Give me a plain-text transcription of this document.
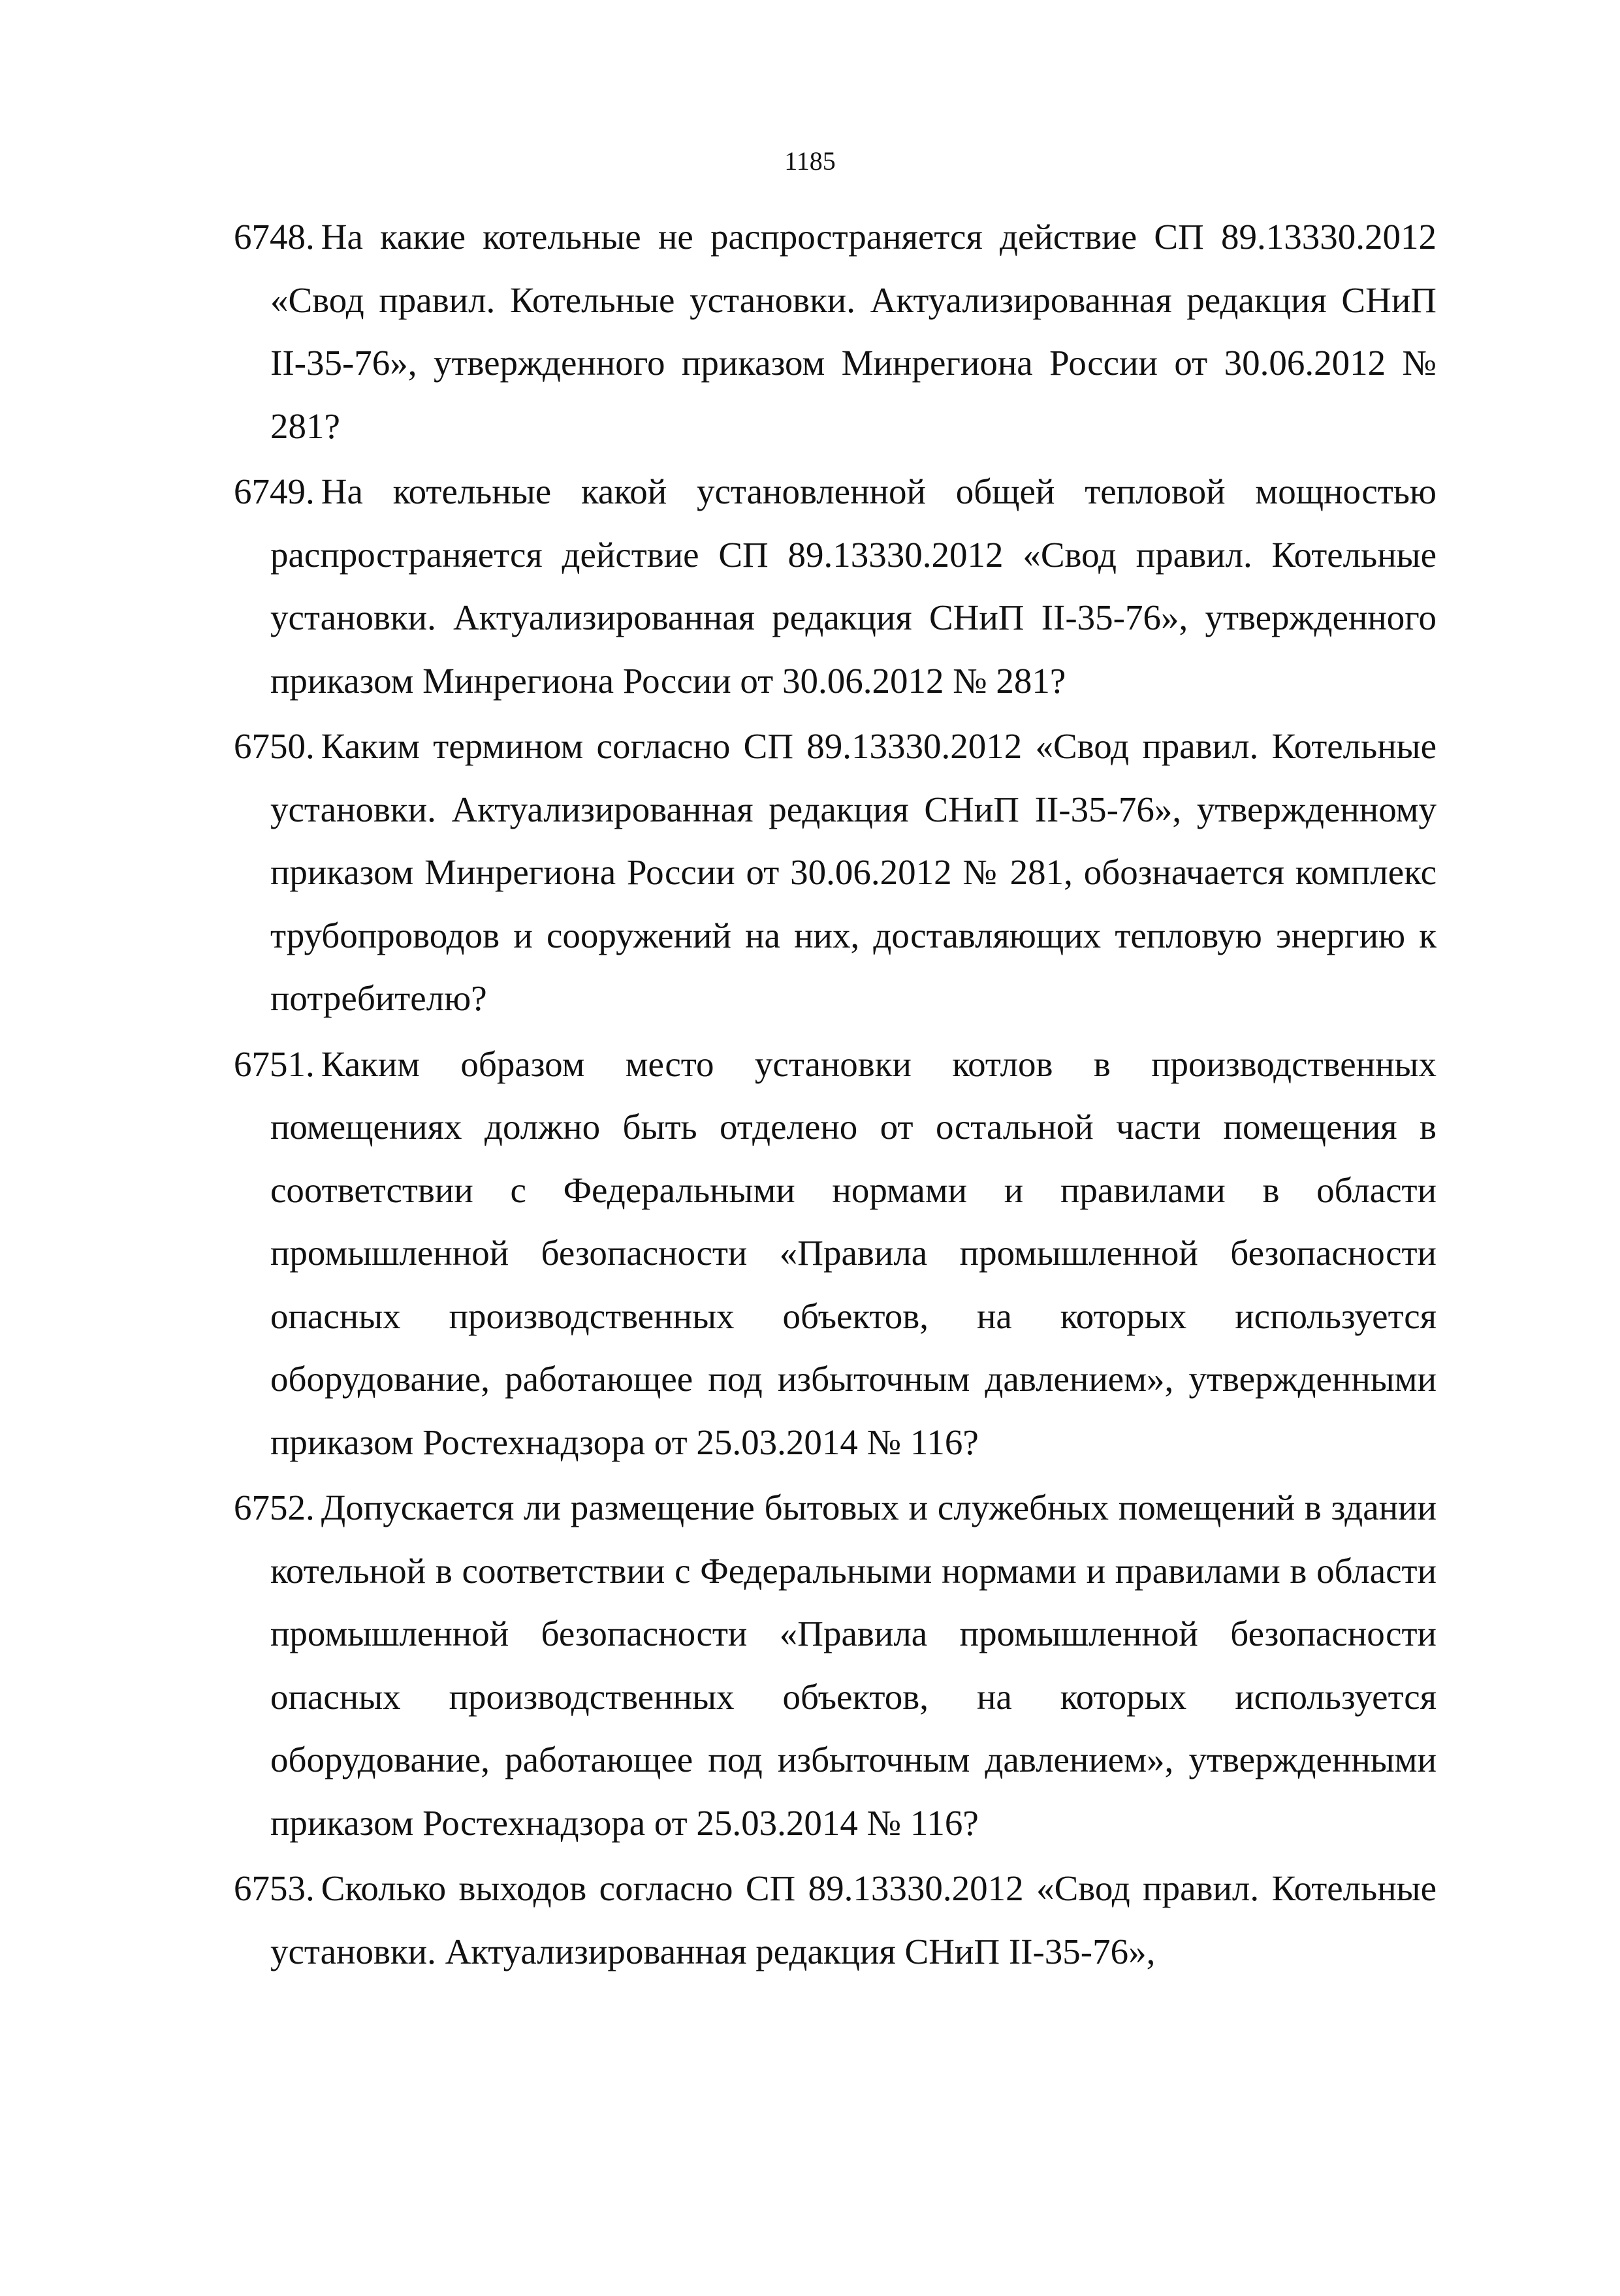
1185
6748. На какие котельные не распространяется действие СП 89.13330.2012 «Свод правил. Котельные установки. Актуализированная редакция СНиП II-35-76», утвержденного приказом Минрегиона России от 30.06.2012 № 281?
6749. На котельные какой установленной общей тепловой мощностью распространяется действие СП 89.13330.2012 «Свод правил. Котельные установки. Актуализированная редакция СНиП II-35-76», утвержденного приказом Минрегиона России от 30.06.2012 № 281?
6750. Каким термином согласно СП 89.13330.2012 «Свод правил. Котельные установки. Актуализированная редакция СНиП II-35-76», утвержденному приказом Минрегиона России от 30.06.2012 № 281, обозначается комплекс трубопроводов и сооружений на них, доставляющих тепловую энергию к потребителю?
6751. Каким образом место установки котлов в производственных помещениях должно быть отделено от остальной части помещения в соответствии с Федеральными нормами и правилами в области промышленной безопасности «Правила промышленной безопасности опасных производственных объектов, на которых используется оборудование, работающее под избыточным давлением», утвержденными приказом Ростехнадзора от 25.03.2014 № 116?
6752. Допускается ли размещение бытовых и служебных помещений в здании котельной в соответствии с Федеральными нормами и правилами в области промышленной безопасности «Правила промышленной безопасности опасных производственных объектов, на которых используется оборудование, работающее под избыточным давлением», утвержденными приказом Ростехнадзора от 25.03.2014 № 116?
6753. Сколько выходов согласно СП 89.13330.2012 «Свод правил. Котельные установки. Актуализированная редакция СНиП II-35-76»,
